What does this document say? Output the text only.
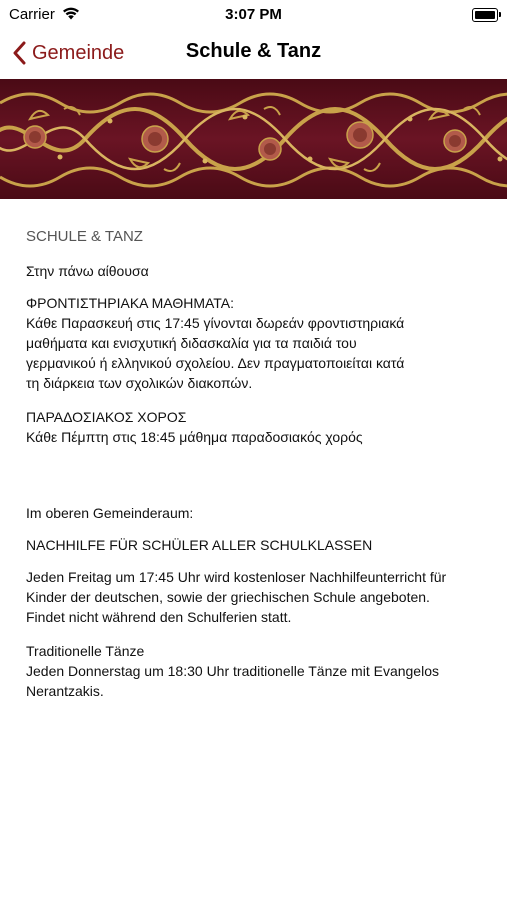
Carrier	3:07 PM
Gemeinde	Schule & Tanz
SCHULE & TANZ

Στην πάνω αίθουσα

ΦΡΟΝΤΙΣΤΗΡΙΑΚΑ ΜΑΘΗΜΑΤΑ:
Κάθε Παρασκευή στις 17:45 γίνονται δωρεάν φροντιστηριακά
μαθήματα και ενισχυτική διδασκαλία για τα παιδιά του
γερμανικού ή ελληνικού σχολείου. Δεν πραγματοποιείται κατά
τη διάρκεια των σχολικών διακοπών.
ΠΑΡΑΔΟΣΙΑΚΟΣ ΧΟΡΟΣ
Κάθε Πέμπτη στις 18:45 μάθημα παραδοσιακός χορός

Im oberen Gemeinderaum:

NACHHILFE FÜR SCHÜLER ALLER SCHULKLASSEN

Jeden Freitag um 17:45 Uhr wird kostenloser Nachhilfeunterricht für
Kinder der deutschen, sowie der griechischen Schule angeboten.
Findet nicht während den Schulferien statt.
Traditionelle Tänze
Jeden Donnerstag um 18:30 Uhr traditionelle Tänze mit Evangelos
Nerantzakis.
